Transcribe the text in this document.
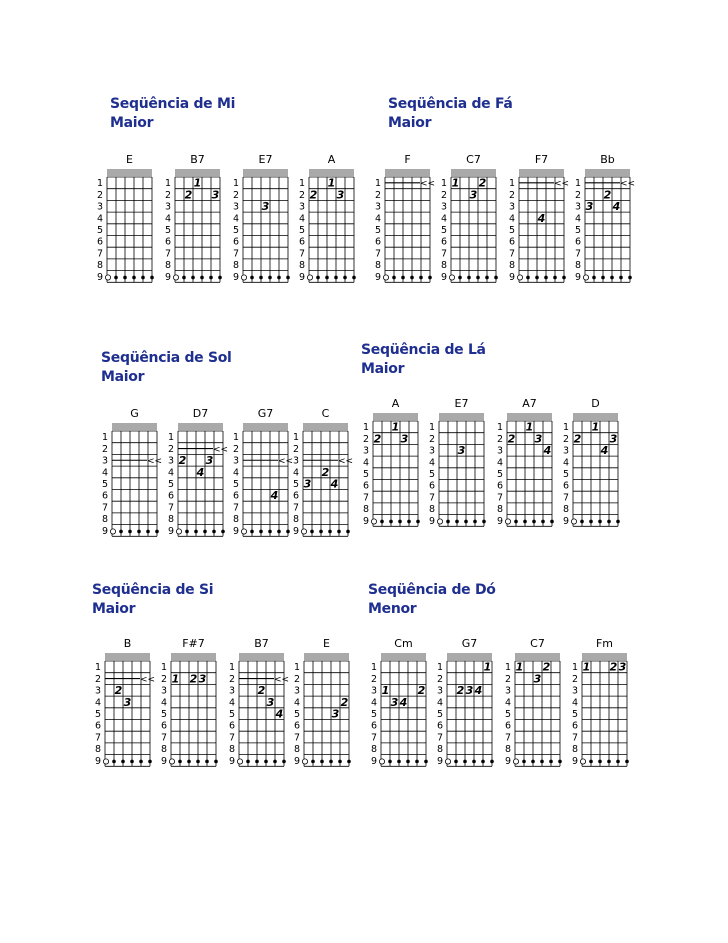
Seqüência de Mi
Maior
Seqüência de Fá
Maior
Seqüência de Sol
Maior
Seqüência de Lá
Maior
Seqüência de Si
Maior
Seqüência de Dó
Menor
E
1
2
3
4
5
6
7
8
9
B7
1
2
3
4
5
6
7
8
9
1
2 3
E7
1
2
3
4
5
6
7
8
9
3
A
1
2
3
4
5
6
7
8
9
1
2 3
F
1
2
3
4
5
6
7
8
9
<<
C7
1
2
3
4
5
6
7
8
9
1 2
3
F7
1
2
3
4
5
6
7
8
9
<<
4
Bb
1
2
3
4
5
6
7
8
9
<<
2
3 4
G
1
2
3
4
5
6
7
8
9
<<
D7
1
2
3
4
5
6
7
8
9
<<
2 3
4
G7
1
2
3
4
5
6
7
8
9
<<
4
C
1
2
3
4
5
6
7
8
9
<<
2
3 4
A
1
2
3
4
5
6
7
8
9
1
2 3
E7
1
2
3
4
5
6
7
8
9
3
A7
1
2
3
4
5
6
7
8
9
1
2 3
4
D
1
2
3
4
5
6
7
8
9
1
2	3
4
B
1
2
3
4
5
6
7
8
9
<<
2
3
F#7
1
2
3
4
5
6
7
8
9
1 2 3
B7
1
2
3
4
5
6
7
8
9
<<
2
3
4
E
1
2
3
4
5
6
7
8
9
2
3
Cm
1
2
3
4
5
6
7
8
9
1	2
3 4
G7
1
2
3
4
5
6
7
8
9
1
2 3 4
C7
1
2
3
4
5
6
7
8
9
1 2
3
Fm
1
2
3
4
5
6
7
8
9
1 2 3
